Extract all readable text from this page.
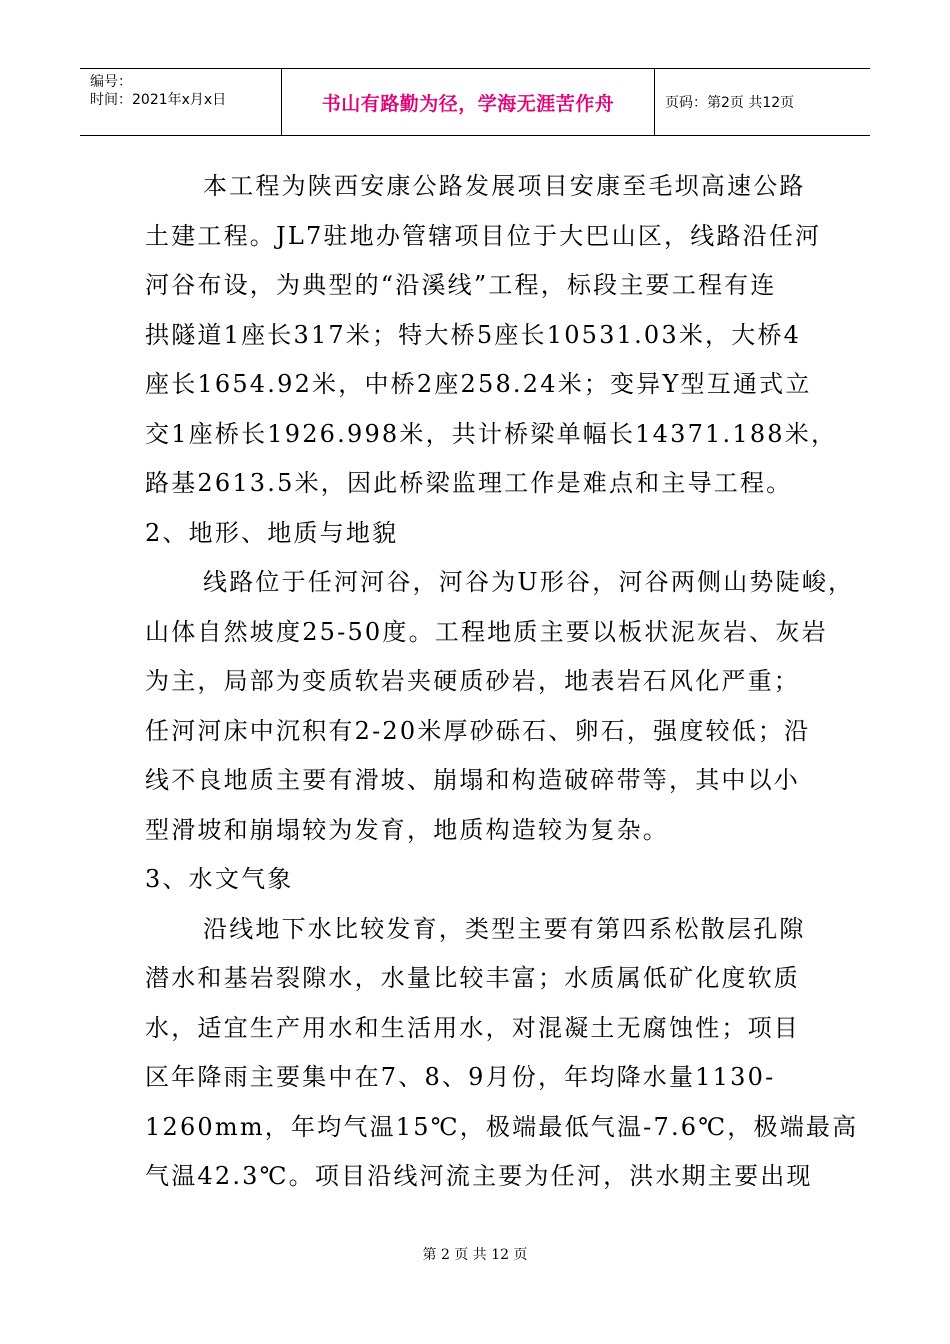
编号：
时间：2021年x月x日	书山有路勤为径，学海无涯苦作舟	页码：第2页 共12页
本工程为陕西安康公路发展项目安康至毛坝高速公路
土建工程。JL7驻地办管辖项目位于大巴山区，线路沿任河
河谷布设，为典型的“沿溪线”工程，标段主要工程有连
拱隧道1座长317米；特大桥5座长10531.03米，大桥4
座长1654.92米，中桥2座258.24米；变异Y型互通式立
交1座桥长1926.998米，共计桥梁单幅长14371.188米，
路基2613.5米，因此桥梁监理工作是难点和主导工程。
2、地形、地质与地貌
线路位于任河河谷，河谷为U形谷，河谷两侧山势陡峻，
山体自然坡度25-50度。工程地质主要以板状泥灰岩、灰岩
为主，局部为变质软岩夹硬质砂岩，地表岩石风化严重；
任河河床中沉积有2-20米厚砂砾石、卵石，强度较低；沿
线不良地质主要有滑坡、崩塌和构造破碎带等，其中以小
型滑坡和崩塌较为发育，地质构造较为复杂。
3、水文气象
沿线地下水比较发育，类型主要有第四系松散层孔隙
潜水和基岩裂隙水，水量比较丰富；水质属低矿化度软质
水，适宜生产用水和生活用水，对混凝土无腐蚀性；项目
区年降雨主要集中在7、8、9月份，年均降水量1130-
1260mm，年均气温15℃，极端最低气温-7.6℃，极端最高
气温42.3℃。项目沿线河流主要为任河，洪水期主要出现
第 2 页 共 12 页
